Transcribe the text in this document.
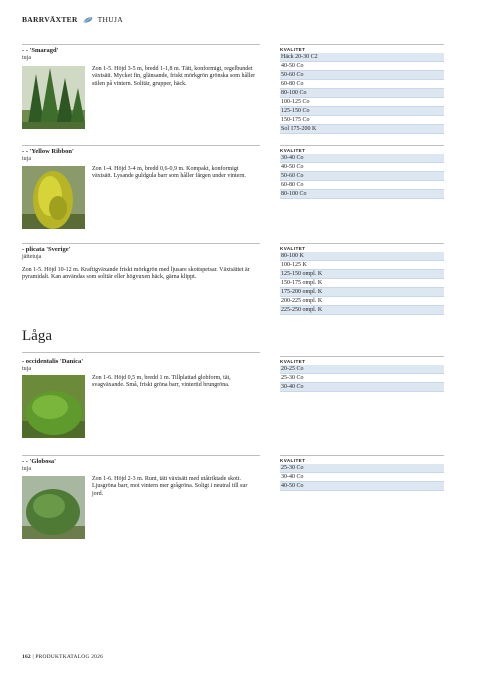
BARRVÄXTER	THUJA
- - 'Smaragd'
tuja
Zon 1-5. Höjd 3-5 m, bredd 1-1,8 m. Tätt, konformigt, regelbundet växtsätt. Mycket fin, glänsande, friskt mörkgrön grönska som håller stilen på vintern. Solitär, grupper, häck.
- - 'Yellow Ribbon'
tuja
Zon 1-4. Höjd 3-4 m, bredd 0,6-0,9 m. Kompakt, konformigt växtsätt. Lysande guldgula barr som håller färgen under vintern.
- plicata 'Sverige'
jättetuja
Zon 1-5. Höjd 10-12 m. Kraftigväxande friskt mörkgrön med ljusare skottspetsar. Växtsättet är pyramidalt. Kan användas som solitär eller högvuxen häck, gärna klippt.
Låga
- occidentalis 'Danica'
tuja
Zon 1-6. Höjd 0,5 m, bredd 1 m. Tillplattad globform, tät, svagväxande. Små, friskt gröna barr, vintertid brungröna.
- - 'Globosa'
tuja
Zon 1-6. Höjd 2-3 m. Runt, tätt växtsätt med utåtriktade skott. Ljusgröna barr, mot vintern mer grågröna. Soligt i neutral till sur jord.
KVALITET
Häck 20-30 C2
40-50 Co
50-60 Co
60-80 Co
80-100 Co
100-125 Co
125-150 Co
150-175 Co
Sol 175-200 K
KVALITET
30-40 Co
40-50 Co
50-60 Co
60-80 Co
80-100 Co
KVALITET
80-100 K
100-125 K
125-150 ompl. K
150-175 ompl. K
175-200 ompl. K
200-225 ompl. K
225-250 ompl. K
KVALITET
20-25 Co
25-30 Co
30-40 Co
KVALITET
25-30 Co
30-40 Co
40-50 Co
162 | PRODUKTKATALOG 2026
